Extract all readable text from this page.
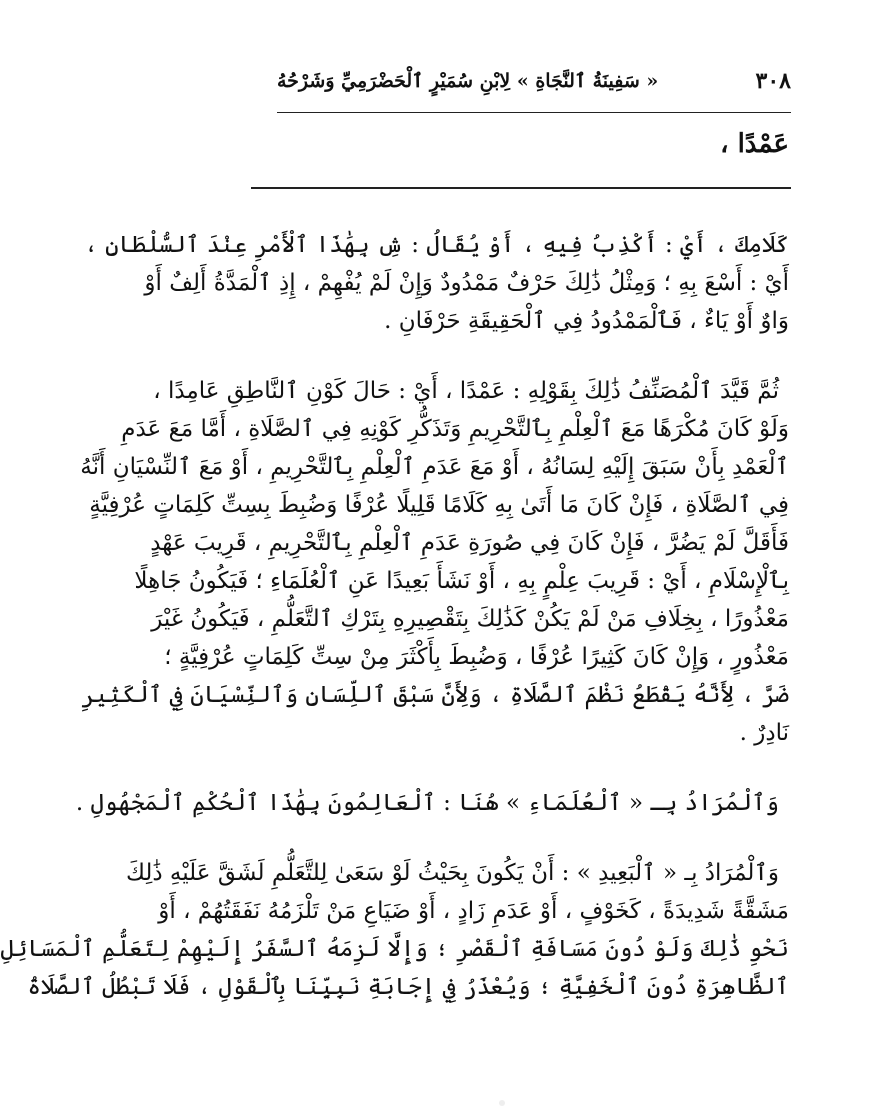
٣٠٨
« سَفِينَةُ ٱلنَّجَاةِ » لِابْنِ سُمَيْرٍ ٱلْحَضْرَمِيِّ وَشَرْحُهُ
عَمْدًا ،
كَلَامِكَ ، أَيْ : أَكْذِبُ فِيهِ ، أَوْ يُقَالُ : شِ بِهَٰذَا ٱلْأَمْرِ عِنْدَ ٱلسُّلْطَانِ ،
أَيْ : أَسْعَ بِهِ ؛ وَمِثْلُ ذَٰلِكَ حَرْفٌ مَمْدُودٌ وَإِنْ لَمْ يُفْهِمْ ، إِذِ ٱلْمَدَّةُ أَلِفٌ أَوْ
وَاوٌ أَوْ يَاءٌ ، فَٱلْمَمْدُودُ فِي ٱلْحَقِيقَةِ حَرْفَانِ .
ثُمَّ قَيَّدَ ٱلْمُصَنِّفُ ذَٰلِكَ بِقَوْلِهِ : عَمْدًا ، أَيْ : حَالَ كَوْنِ ٱلنَّاطِقِ عَامِدًا ،
وَلَوْ كَانَ مُكْرَهًا مَعَ ٱلْعِلْمِ بِٱلتَّحْرِيمِ وَتَذَكُّرِ كَوْنِهِ فِي ٱلصَّلَاةِ ، أَمَّا مَعَ عَدَمِ
ٱلْعَمْدِ بِأَنْ سَبَقَ إِلَيْهِ لِسَانُهُ ، أَوْ مَعَ عَدَمِ ٱلْعِلْمِ بِٱلتَّحْرِيمِ ، أَوْ مَعَ ٱلنِّسْيَانِ أَنَّهُ
فِي ٱلصَّلَاةِ ، فَإِنْ كَانَ مَا أَتَىٰ بِهِ كَلَامًا قَلِيلًا عُرْفًا وَضُبِطَ بِسِتِّ كَلِمَاتٍ عُرْفِيَّةٍ
فَأَقَلَّ لَمْ يَضُرَّ ، فَإِنْ كَانَ فِي صُورَةِ عَدَمِ ٱلْعِلْمِ بِٱلتَّحْرِيمِ ، قَرِيبَ عَهْدٍ
بِٱلْإِسْلَامِ ، أَيْ : قَرِيبَ عِلْمٍ بِهِ ، أَوْ نَشَأَ بَعِيدًا عَنِ ٱلْعُلَمَاءِ ؛ فَيَكُونُ جَاهِلًا
مَعْذُورًا ، بِخِلَافِ مَنْ لَمْ يَكُنْ كَذَٰلِكَ بِتَقْصِيرِهِ بِتَرْكِ ٱلتَّعَلُّمِ ، فَيَكُونُ غَيْرَ
مَعْذُورٍ ، وَإِنْ كَانَ كَثِيرًا عُرْفًا ، وَضُبِطَ بِأَكْثَرَ مِنْ سِتِّ كَلِمَاتٍ عُرْفِيَّةٍ ؛
ضَرَّ ، لِأَنَّهُ يَقْطَعُ نَظْمَ ٱلصَّلَاةِ ، وَلِأَنَّ سَبْقَ ٱللِّسَانِ وَٱلنِّسْيَانَ فِي ٱلْكَثِيرِ
نَادِرٌ .
وَٱلْمُرَادُ بِـ « ٱلْعُلَمَاءِ » هُنَا : ٱلْعَالِمُونَ بِهَٰذَا ٱلْحُكْمِ ٱلْمَجْهُولِ .
وَٱلْمُرَادُ بِـ « ٱلْبَعِيدِ » : أَنْ يَكُونَ بِحَيْثُ لَوْ سَعَىٰ لِلتَّعَلُّمِ لَشَقَّ عَلَيْهِ ذَٰلِكَ
مَشَقَّةً شَدِيدَةً ، كَخَوْفٍ ، أَوْ عَدَمِ زَادٍ ، أَوْ ضَيَاعِ مَنْ تَلْزَمُهُ نَفَقَتُهُمْ ، أَوْ
نَحْوِ ذَٰلِكَ وَلَوْ دُونَ مَسَافَةِ ٱلْقَصْرِ ؛ وَإِلَّا لَزِمَهُ ٱلسَّفَرُ إِلَيْهِمْ لِتَعَلُّمِ ٱلْمَسَائِلِ
ٱلظَّاهِرَةِ دُونَ ٱلْخَفِيَّةِ ؛ وَيُعْذَرُ فِي إِجَابَةِ نَبِيِّنَا بِٱلْقَوْلِ ، فَلَا تَبْطُلُ ٱلصَّلَاةُ
